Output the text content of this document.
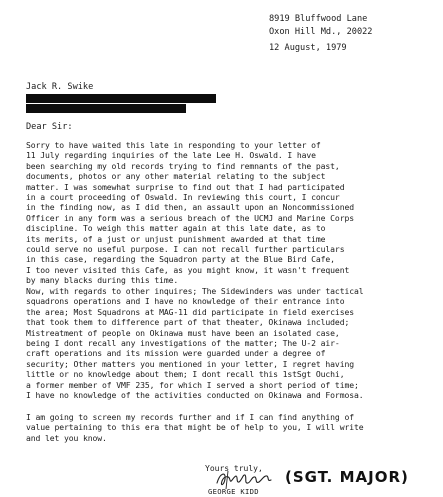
8919 Bluffwood Lane
Oxon Hill Md., 20022
12 August, 1979
Jack R. Swike
Dear Sir:
Sorry to have waited this late in responding to your letter of
11 July regarding inquiries of the late Lee H. Oswald. I have
been searching my old records trying to find remnants of the past,
documents, photos or any other material relating to the subject
matter. I was somewhat surprise to find out that I had participated
in a court proceeding of Oswald. In reviewing this court, I concur
in the finding now, as I did then, an assault upon an Noncommissioned
Officer in any form was a serious breach of the UCMJ and Marine Corps
discipline. To weigh this matter again at this late date, as to
its merits, of a just or unjust punishment awarded at that time
could serve no useful purpose. I can not recall further particulars
in this case, regarding the Squadron party at the Blue Bird Cafe,
I too never visited this Cafe, as you might know, it wasn't frequent
by many blacks during this time.
Now, with regards to other inquires; The Sidewinders was under tactical
squadrons operations and I have no knowledge of their entrance into
the area; Most Squadrons at MAG-11 did participate in field exercises
that took them to difference part of that theater, Okinawa included;
Mistreatment of people on Okinawa must have been an isolated case,
being I dont recall any investigations of the matter; The U-2 air-
craft operations and its mission were guarded under a degree of
security; Other matters you mentioned in your letter, I regret having
little or no knowledge about them; I dont recall this 1stSgt Ouchi,
a former member of VMF 235, for which I served a short period of time;
I have no knowledge of the activities conducted on Okinawa and Formosa.
I am going to screen my records further and if I can find anything of
value pertaining to this era that might be of help to you, I will write
and let you know.
Yours truly,
GEORGE KIDD
(SGT. MAJOR)
